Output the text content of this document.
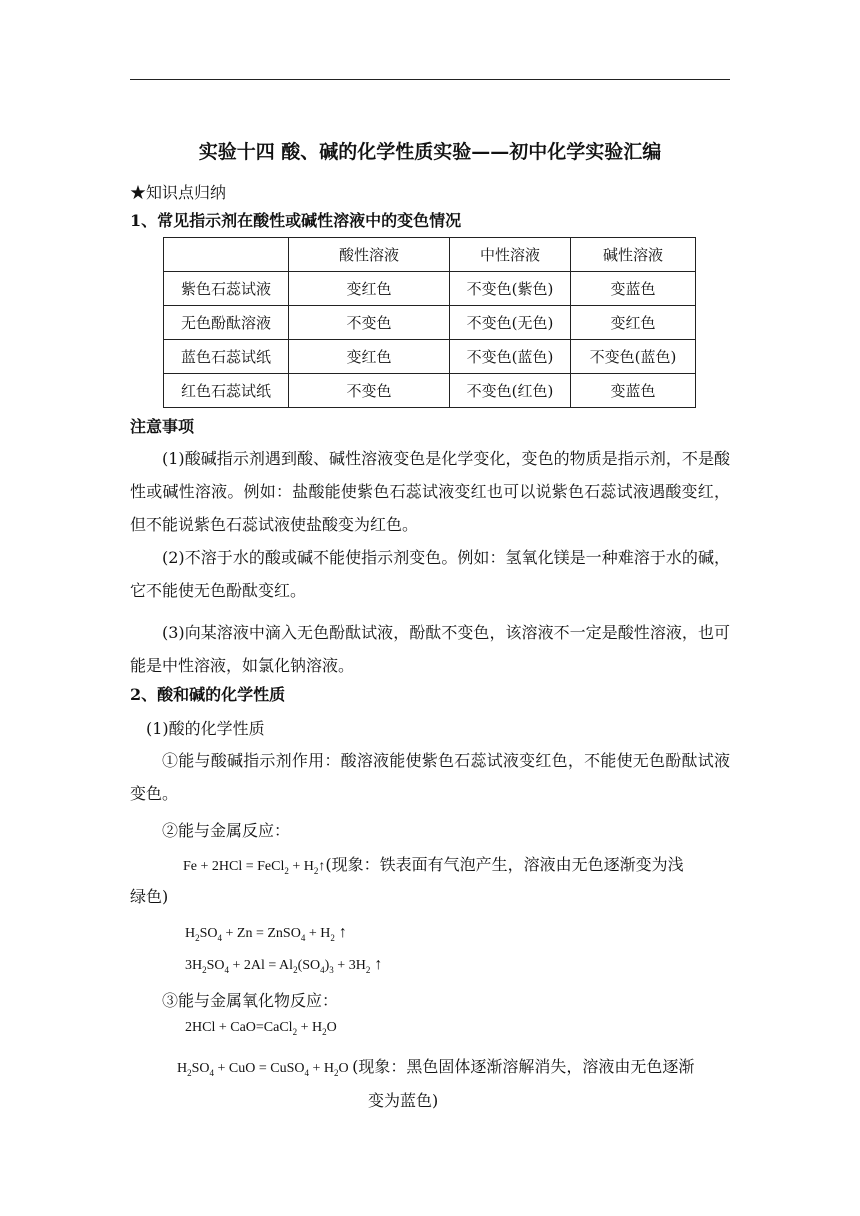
实验十四 酸、碱的化学性质实验——初中化学实验汇编
★知识点归纳
1、常见指示剂在酸性或碱性溶液中的变色情况
	酸性溶液	中性溶液	碱性溶液
紫色石蕊试液	变红色	不变色(紫色)	变蓝色
无色酚酞溶液	不变色	不变色(无色)	变红色
蓝色石蕊试纸	变红色	不变色(蓝色)	不变色(蓝色)
红色石蕊试纸	不变色	不变色(红色)	变蓝色
注意事项
(1)酸碱指示剂遇到酸、碱性溶液变色是化学变化，变色的物质是指示剂，不是酸性或碱性溶液。例如：盐酸能使紫色石蕊试液变红也可以说紫色石蕊试液遇酸变红，但不能说紫色石蕊试液使盐酸变为红色。
(2)不溶于水的酸或碱不能使指示剂变色。例如：氢氧化镁是一种难溶于水的碱，它不能使无色酚酞变红。
(3)向某溶液中滴入无色酚酞试液，酚酞不变色，该溶液不一定是酸性溶液，也可能是中性溶液，如氯化钠溶液。
2、酸和碱的化学性质
(1)酸的化学性质
①能与酸碱指示剂作用：酸溶液能使紫色石蕊试液变红色，不能使无色酚酞试液变色。
②能与金属反应：
Fe + 2HCl = FeCl$_2$ + $H_2↑$(现象：铁表面有气泡产生，溶液由无色逐渐变为浅
绿色)
$H_2SO_4 + Zn$ = ZnSO$_4$ + $H_2$ ↑
$3H_2SO_4 + 2Al = Al_2(SO_4)_3 + 3H_2$ ↑
③能与金属氧化物反应：
2HCl + CaO=CaCl$_2$ + $H_2O$
$H_2SO_4$ + CuO = CuSO$_4$ + $H_2O$ (现象：黑色固体逐渐溶解消失，溶液由无色逐渐
变为蓝色)
